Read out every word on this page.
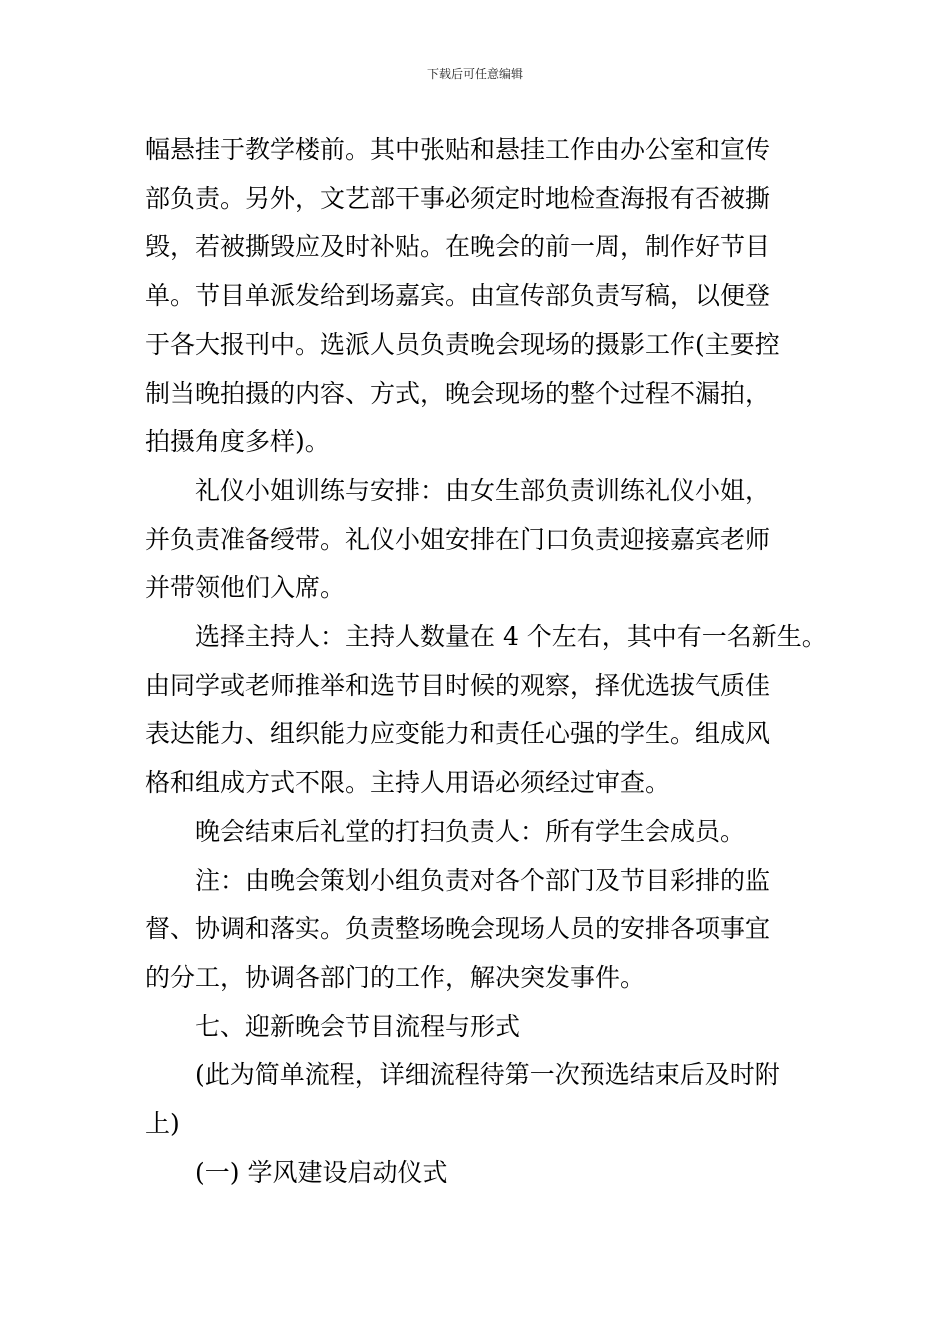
下载后可任意编辑

幅悬挂于教学楼前。其中张贴和悬挂工作由办公室和宣传

部负责。另外，文艺部干事必须定时地检查海报有否被撕

毁，若被撕毁应及时补贴。在晚会的前一周，制作好节目

单。节目单派发给到场嘉宾。由宣传部负责写稿，以便登

于各大报刊中。选派人员负责晚会现场的摄影工作(主要控

制当晚拍摄的内容、方式，晚会现场的整个过程不漏拍，

拍摄角度多样)。

礼仪小姐训练与安排：由女生部负责训练礼仪小姐，

并负责准备绶带。礼仪小姐安排在门口负责迎接嘉宾老师

并带领他们入席。

选择主持人：主持人数量在 4 个左右，其中有一名新生。

由同学或老师推举和选节目时候的观察，择优选拔气质佳

表达能力、组织能力应变能力和责任心强的学生。组成风

格和组成方式不限。主持人用语必须经过审查。

晚会结束后礼堂的打扫负责人：所有学生会成员。

注：由晚会策划小组负责对各个部门及节目彩排的监

督、协调和落实。负责整场晚会现场人员的安排各项事宜

的分工，协调各部门的工作，解决突发事件。

七、迎新晚会节目流程与形式

(此为简单流程，详细流程待第一次预选结束后及时附

上)

(一) 学风建设启动仪式
